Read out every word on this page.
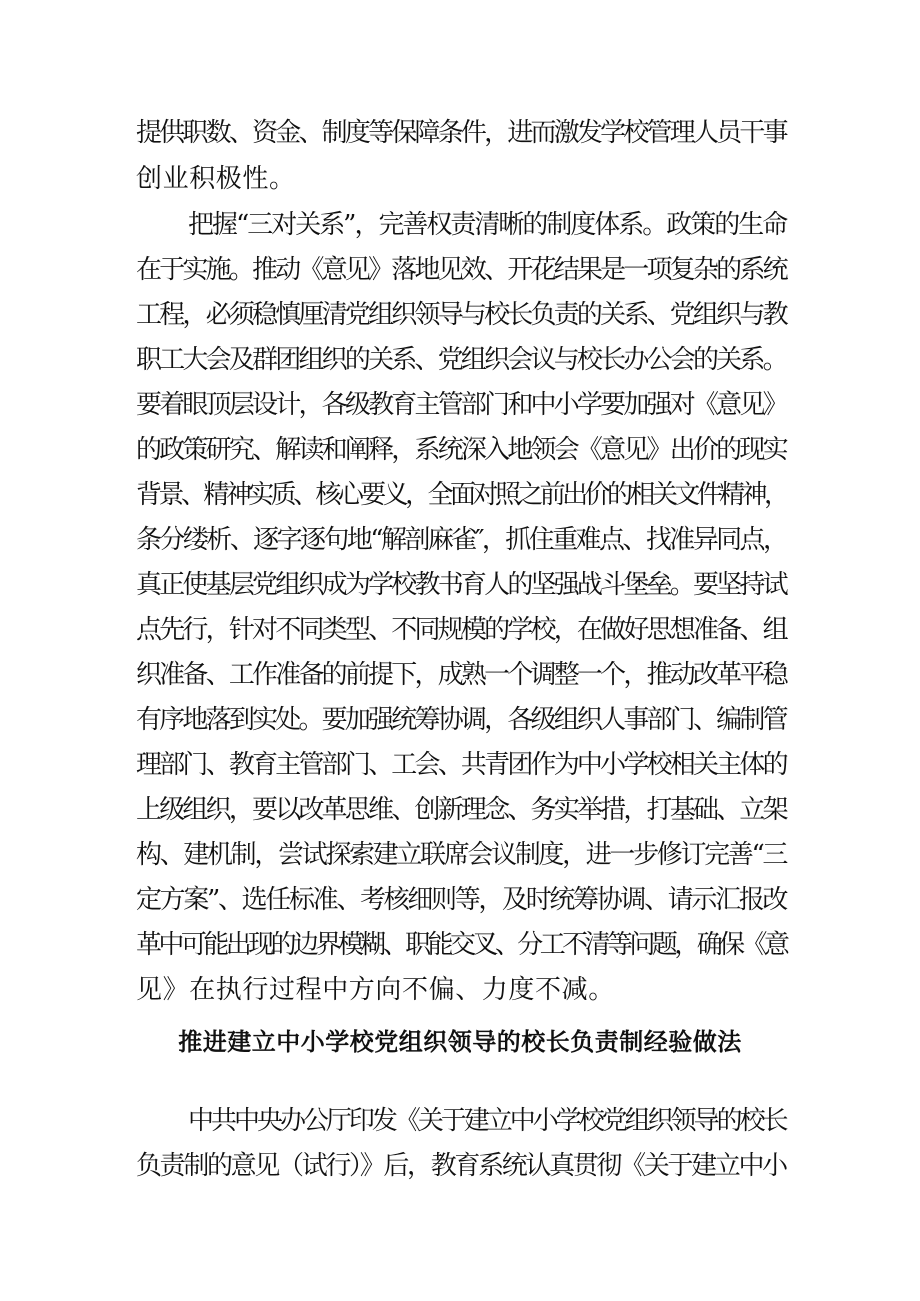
提供职数、资金、制度等保障条件，进而激发学校管理人员干事
创业积极性。
把握“三对关系”，完善权责清晰的制度体系。政策的生命
在于实施。推动《意见》落地见效、开花结果是一项复杂的系统
工程，必须稳慎厘清党组织领导与校长负责的关系、党组织与教
职工大会及群团组织的关系、党组织会议与校长办公会的关系。
要着眼顶层设计，各级教育主管部门和中小学要加强对《意见》
的政策研究、解读和阐释，系统深入地领会《意见》出价的现实
背景、精神实质、核心要义，全面对照之前出价的相关文件精神，
条分缕析、逐字逐句地“解剖麻雀″，抓住重难点、找准异同点，
真正使基层党组织成为学校教书育人的坚强战斗堡垒。要坚持试
点先行，针对不同类型、不同规模的学校，在做好思想准备、组
织准备、工作准备的前提下，成熟一个调整一个，推动改革平稳
有序地落到实处。要加强统筹协调，各级组织人事部门、编制管
理部门、教育主管部门、工会、共青团作为中小学校相关主体的
上级组织，要以改革思维、创新理念、务实举措，打基础、立架
构、建机制，尝试探索建立联席会议制度，进一步修订完善“三
定方案”、选任标准、考核细则等，及时统筹协调、请示汇报改
革中可能出现的边界模糊、职能交叉、分工不清等问题，确保《意
见》在执行过程中方向不偏、力度不减。
推进建立中小学校党组织领导的校长负责制经验做法
中共中央办公厅印发《关于建立中小学校党组织领导的校长
负责制的意见（试行）》后，教育系统认真贯彻《关于建立中小
